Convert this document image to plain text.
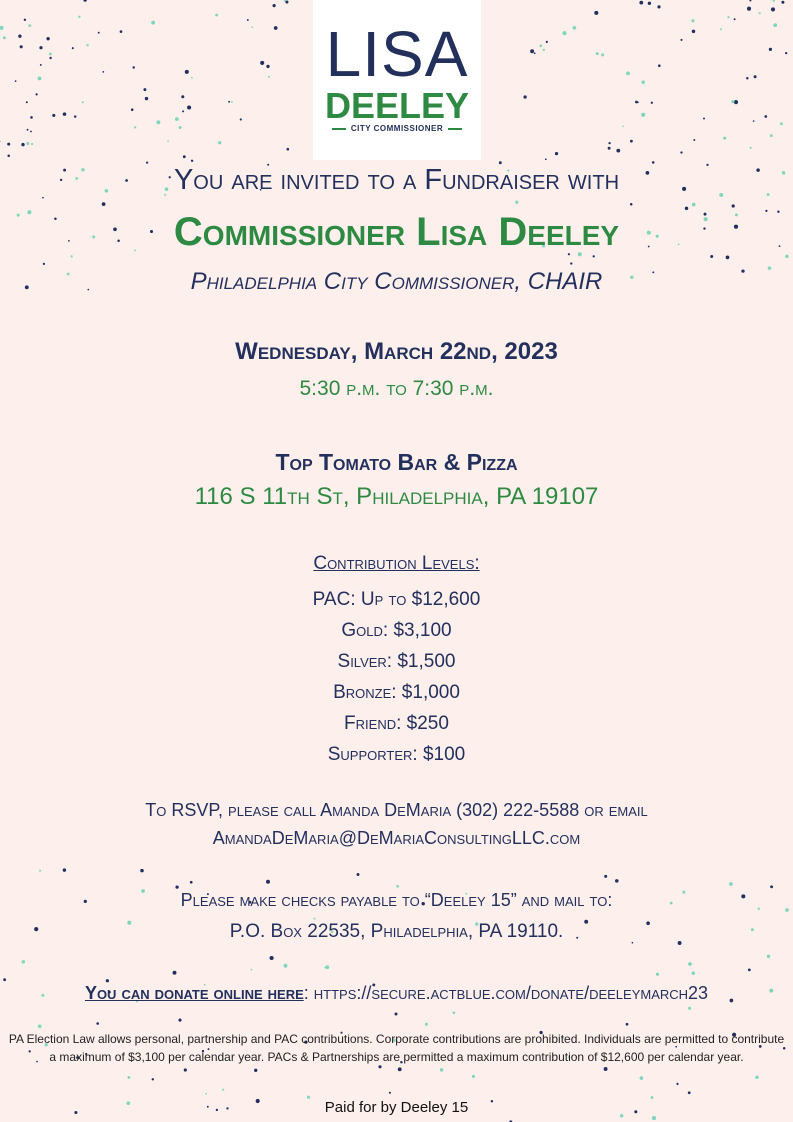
LISA
DEELEY
CITY COMMISSIONER
You are invited to a Fundraiser with
Commissioner Lisa Deeley
Philadelphia City Commissioner, CHAIR
Wednesday, March 22nd, 2023
5:30 p.m. to 7:30 p.m.
Top Tomato Bar & Pizza
116 S 11th St, Philadelphia, PA 19107
Contribution Levels:
PAC: Up to $12,600
Gold: $3,100
Silver: $1,500
Bronze: $1,000
Friend: $250
Supporter: $100
To RSVP, please call Amanda DeMaria (302) 222-5588 or email
AmandaDeMaria@DeMariaConsultingLLC.com
Please make checks payable to “Deeley 15” and mail to:
P.O. Box 22535, Philadelphia, PA 19110.
You can donate online here: https://secure.actblue.com/donate/deeleymarch23
PA Election Law allows personal, partnership and PAC contributions. Corporate contributions are prohibited. Individuals are permitted to contribute a maximum of $3,100 per calendar year. PACs & Partnerships are permitted a maximum contribution of $12,600 per calendar year.
Paid for by Deeley 15
